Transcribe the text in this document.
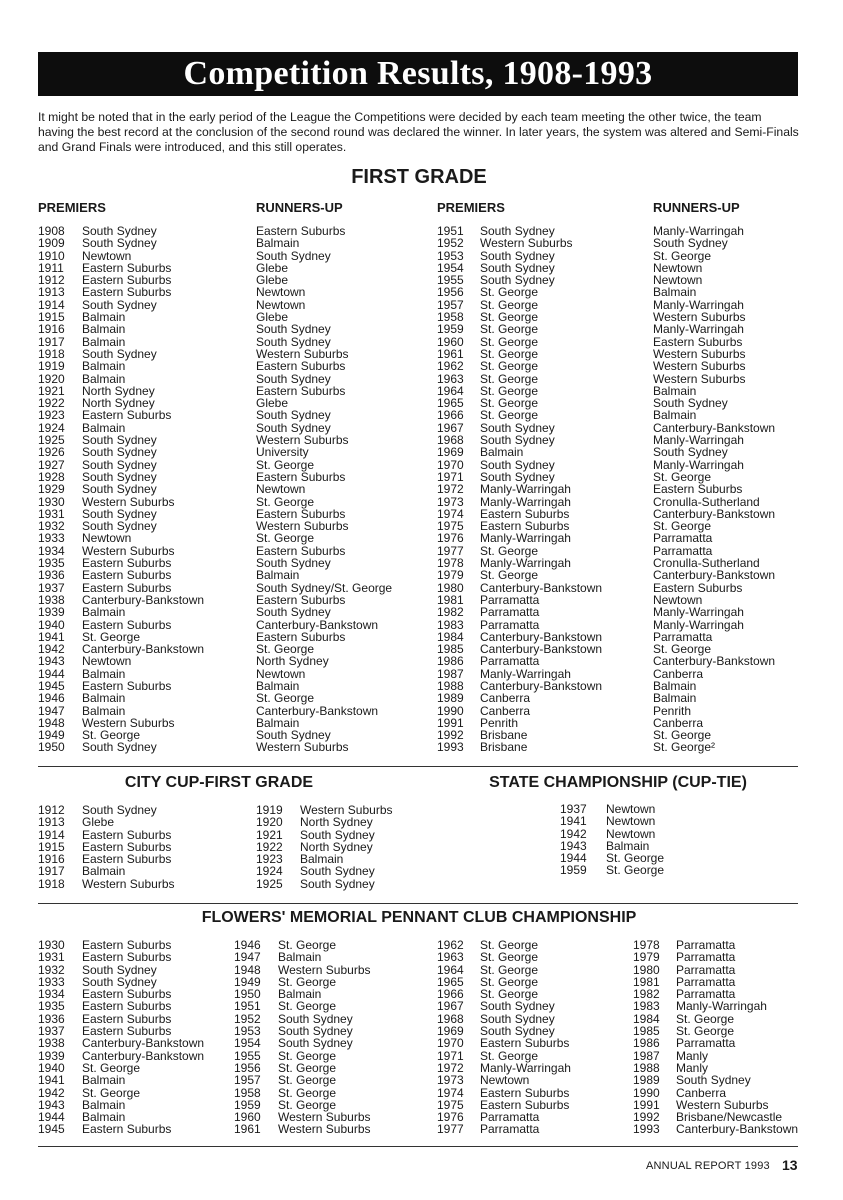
Competition Results, 1908-1993

It might be noted that in the early period of the League the Competitions were decided by each team meeting the other twice, the team having the best record at the conclusion of the second round was declared the winner. In later years, the system was altered and Semi-Finals and Grand Finals were introduced, and this still operates.

FIRST GRADE
PREMIERS	RUNNERS-UP	PREMIERS	RUNNERS-UP
1908	South Sydney	Eastern Suburbs
1909	South Sydney	Balmain
1910	Newtown	South Sydney
1911	Eastern Suburbs	Glebe
1912	Eastern Suburbs	Glebe
1913	Eastern Suburbs	Newtown
1914	South Sydney	Newtown
1915	Balmain	Glebe
1916	Balmain	South Sydney
1917	Balmain	South Sydney
1918	South Sydney	Western Suburbs
1919	Balmain	Eastern Suburbs
1920	Balmain	South Sydney
1921	North Sydney	Eastern Suburbs
1922	North Sydney	Glebe
1923	Eastern Suburbs	South Sydney
1924	Balmain	South Sydney
1925	South Sydney	Western Suburbs
1926	South Sydney	University
1927	South Sydney	St. George
1928	South Sydney	Eastern Suburbs
1929	South Sydney	Newtown
1930	Western Suburbs	St. George
1931	South Sydney	Eastern Suburbs
1932	South Sydney	Western Suburbs
1933	Newtown	St. George
1934	Western Suburbs	Eastern Suburbs
1935	Eastern Suburbs	South Sydney
1936	Eastern Suburbs	Balmain
1937	Eastern Suburbs	South Sydney/St. George
1938	Canterbury-Bankstown	Eastern Suburbs
1939	Balmain	South Sydney
1940	Eastern Suburbs	Canterbury-Bankstown
1941	St. George	Eastern Suburbs
1942	Canterbury-Bankstown	St. George
1943	Newtown	North Sydney
1944	Balmain	Newtown
1945	Eastern Suburbs	Balmain
1946	Balmain	St. George
1947	Balmain	Canterbury-Bankstown
1948	Western Suburbs	Balmain
1949	St. George	South Sydney
1950	South Sydney	Western Suburbs
1951	South Sydney	Manly-Warringah
1952	Western Suburbs	South Sydney
1953	South Sydney	St. George
1954	South Sydney	Newtown
1955	South Sydney	Newtown
1956	St. George	Balmain
1957	St. George	Manly-Warringah
1958	St. George	Western Suburbs
1959	St. George	Manly-Warringah
1960	St. George	Eastern Suburbs
1961	St. George	Western Suburbs
1962	St. George	Western Suburbs
1963	St. George	Western Suburbs
1964	St. George	Balmain
1965	St. George	South Sydney
1966	St. George	Balmain
1967	South Sydney	Canterbury-Bankstown
1968	South Sydney	Manly-Warringah
1969	Balmain	South Sydney
1970	South Sydney	Manly-Warringah
1971	South Sydney	St. George
1972	Manly-Warringah	Eastern Suburbs
1973	Manly-Warringah	Cronulla-Sutherland
1974	Eastern Suburbs	Canterbury-Bankstown
1975	Eastern Suburbs	St. George
1976	Manly-Warringah	Parramatta
1977	St. George	Parramatta
1978	Manly-Warringah	Cronulla-Sutherland
1979	St. George	Canterbury-Bankstown
1980	Canterbury-Bankstown	Eastern Suburbs
1981	Parramatta	Newtown
1982	Parramatta	Manly-Warringah
1983	Parramatta	Manly-Warringah
1984	Canterbury-Bankstown	Parramatta
1985	Canterbury-Bankstown	St. George
1986	Parramatta	Canterbury-Bankstown
1987	Manly-Warringah	Canberra
1988	Canterbury-Bankstown	Balmain
1989	Canberra	Balmain
1990	Canberra	Penrith
1991	Penrith	Canberra
1992	Brisbane	St. George
1993	Brisbane	St. George²
CITY CUP-FIRST GRADE
1912	South Sydney
1913	Glebe
1914	Eastern Suburbs
1915	Eastern Suburbs
1916	Eastern Suburbs
1917	Balmain
1918	Western Suburbs
1919	Western Suburbs
1920	North Sydney
1921	South Sydney
1922	North Sydney
1923	Balmain
1924	South Sydney
1925	South Sydney
STATE CHAMPIONSHIP (CUP-TIE)
1937	Newtown
1941	Newtown
1942	Newtown
1943	Balmain
1944	St. George
1959	St. George
FLOWERS' MEMORIAL PENNANT CLUB CHAMPIONSHIP
1930	Eastern Suburbs
1931	Eastern Suburbs
1932	South Sydney
1933	South Sydney
1934	Eastern Suburbs
1935	Eastern Suburbs
1936	Eastern Suburbs
1937	Eastern Suburbs
1938	Canterbury-Bankstown
1939	Canterbury-Bankstown
1940	St. George
1941	Balmain
1942	St. George
1943	Balmain
1944	Balmain
1945	Eastern Suburbs
1946	St. George
1947	Balmain
1948	Western Suburbs
1949	St. George
1950	Balmain
1951	St. George
1952	South Sydney
1953	South Sydney
1954	South Sydney
1955	St. George
1956	St. George
1957	St. George
1958	St. George
1959	St. George
1960	Western Suburbs
1961	Western Suburbs
1962	St. George
1963	St. George
1964	St. George
1965	St. George
1966	St. George
1967	South Sydney
1968	South Sydney
1969	South Sydney
1970	Eastern Suburbs
1971	St. George
1972	Manly-Warringah
1973	Newtown
1974	Eastern Suburbs
1975	Eastern Suburbs
1976	Parramatta
1977	Parramatta
1978	Parramatta
1979	Parramatta
1980	Parramatta
1981	Parramatta
1982	Parramatta
1983	Manly-Warringah
1984	St. George
1985	St. George
1986	Parramatta
1987	Manly
1988	Manly
1989	South Sydney
1990	Canberra
1991	Western Suburbs
1992	Brisbane/Newcastle
1993	Canterbury-Bankstown
ANNUAL REPORT 1993 13
